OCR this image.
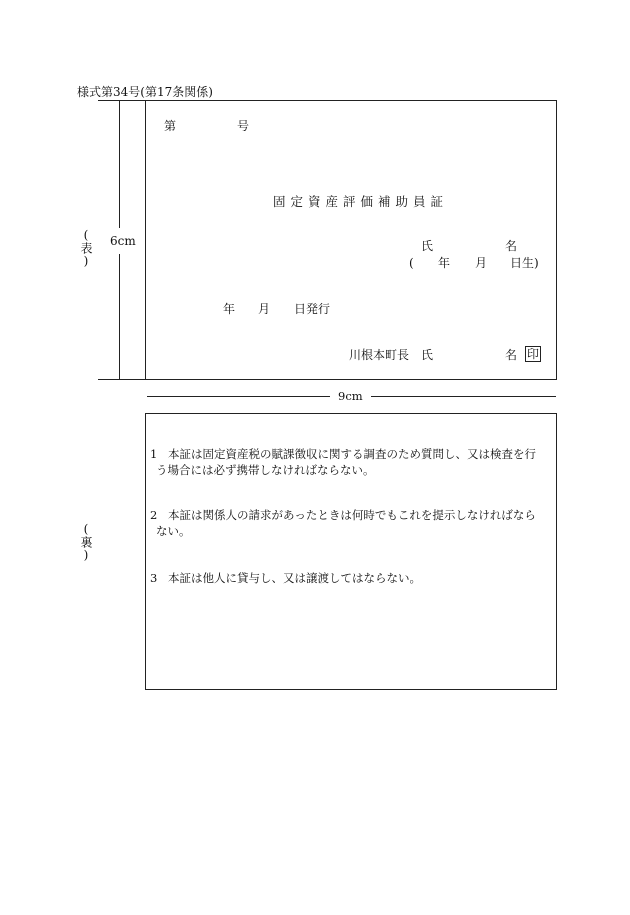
様式第34号(第17条関係)
6cm
(表)
第	号
固定資産評価補助員証
氏	名
( 年 月 日生)
年 月 日発行
川根本町長 氏	名 印
9cm
(裏)
1 本証は固定資産税の賦課徴収に関する調査のため質問し、又は検査を行
う場合には必ず携帯しなければならない。
2 本証は関係人の請求があったときは何時でもこれを提示しなければなら
ない。
3 本証は他人に貸与し、又は譲渡してはならない。
